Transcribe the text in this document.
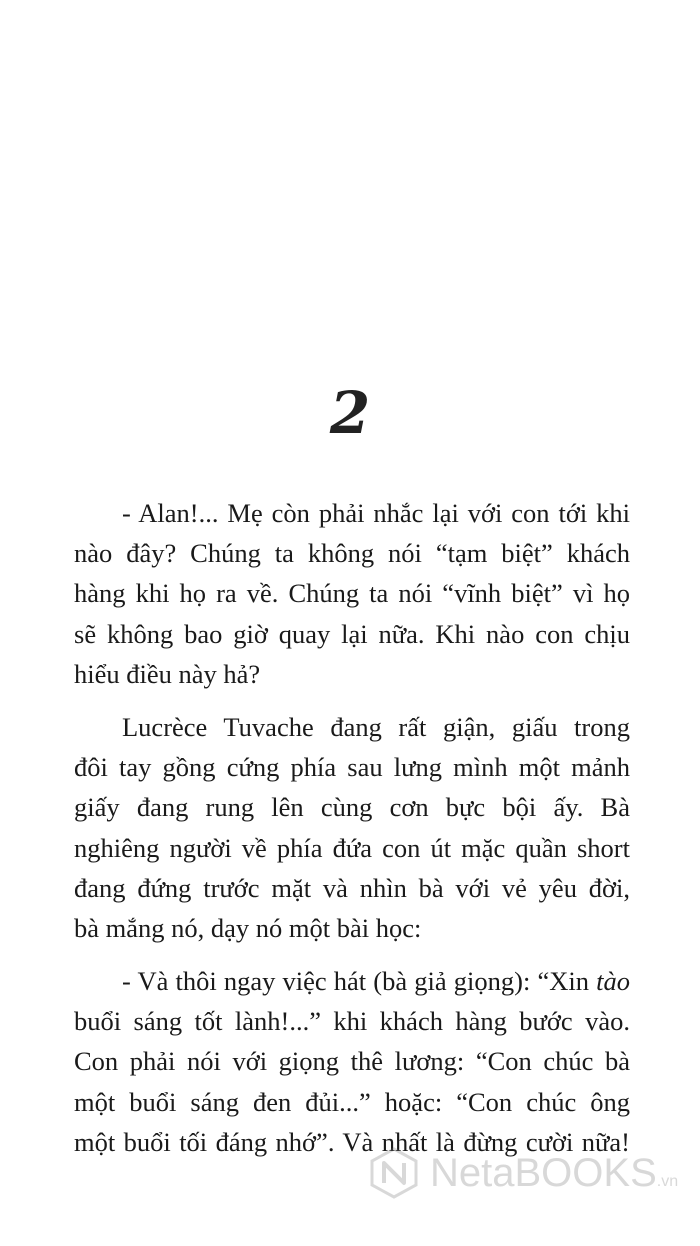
2
- Alan!... Mẹ còn phải nhắc lại với con tới khi
nào đây? Chúng ta không nói “tạm biệt” khách
hàng khi họ ra về. Chúng ta nói “vĩnh biệt” vì họ
sẽ không bao giờ quay lại nữa. Khi nào con chịu
hiểu điều này hả?
Lucrèce Tuvache đang rất giận, giấu trong
đôi tay gồng cứng phía sau lưng mình một mảnh
giấy đang rung lên cùng cơn bực bội ấy. Bà
nghiêng người về phía đứa con út mặc quần short
đang đứng trước mặt và nhìn bà với vẻ yêu đời,
bà mắng nó, dạy nó một bài học:
- Và thôi ngay việc hát (bà giả giọng): “Xin tào
buổi sáng tốt lành!...” khi khách hàng bước vào.
Con phải nói với giọng thê lương: “Con chúc bà
một buổi sáng đen đủi...” hoặc: “Con chúc ông
một buổi tối đáng nhớ”. Và nhất là đừng cười nữa!
NetaBOOKS.vn
